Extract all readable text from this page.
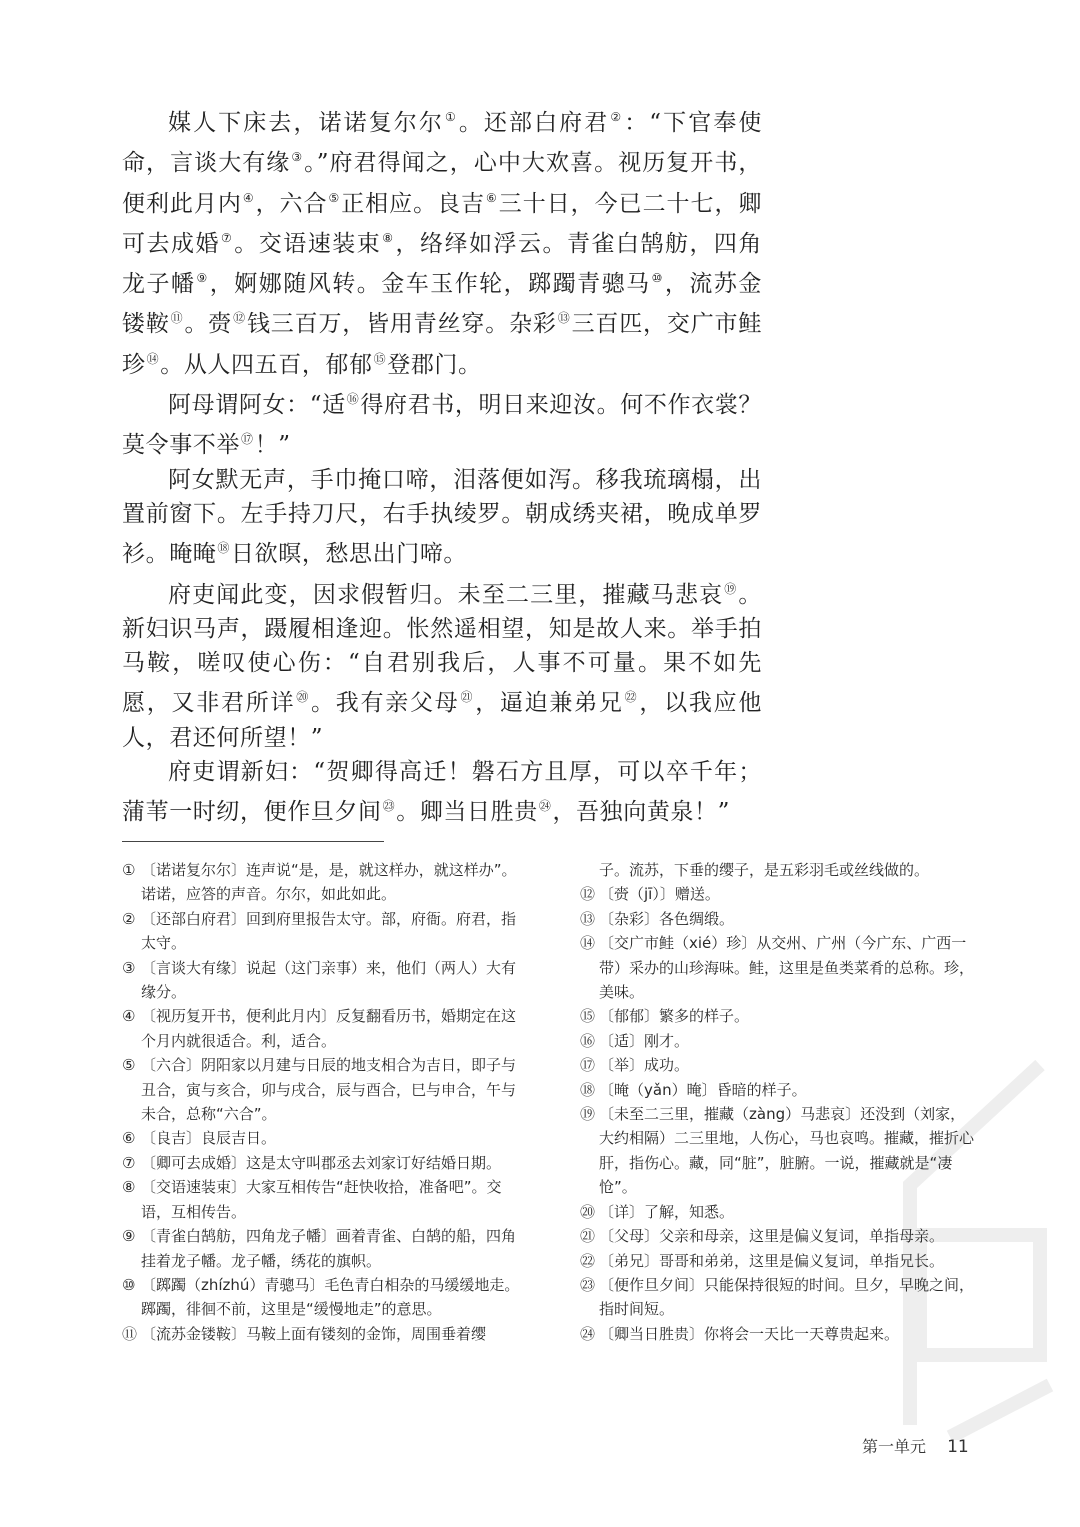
媒人下床去，诺诺复尔尔①。还部白府君②：“下官奉使命，言谈大有缘③。”府君得闻之，心中大欢喜。视历复开书，便利此月内④，六合⑤正相应。良吉⑥三十日，今已二十七，卿可去成婚⑦。交语速装束⑧，络绎如浮云。青雀白鹄舫，四角龙子幡⑨，婀娜随风转。金车玉作轮，踯躅青骢马⑩，流苏金镂鞍⑪。赍⑫钱三百万，皆用青丝穿。杂彩⑬三百匹，交广市鲑珍⑭。从人四五百，郁郁⑮登郡门。

阿母谓阿女：“适⑯得府君书，明日来迎汝。何不作衣裳？莫令事不举⑰！”

阿女默无声，手巾掩口啼，泪落便如泻。移我琉璃榻，出置前窗下。左手持刀尺，右手执绫罗。朝成绣夹裙，晚成单罗衫。晻晻⑱日欲暝，愁思出门啼。

府吏闻此变，因求假暂归。未至二三里，摧藏马悲哀⑲。新妇识马声，蹑履相逢迎。怅然遥相望，知是故人来。举手拍马鞍，嗟叹使心伤：“自君别我后，人事不可量。果不如先愿，又非君所详⑳。我有亲父母$^㉑$，逼迫兼弟兄$^㉒$，以我应他人，君还何所望！”

府吏谓新妇：“贺卿得高迁！磐石方且厚，可以卒千年；蒲苇一时纫，便作旦夕间$^㉓$。卿当日胜贵$^㉔$，吾独向黄泉！”

① 〔诺诺复尔尔〕连声说“是，是，就这样办，就这样办”。诺诺，应答的声音。尔尔，如此如此。
② 〔还部白府君〕回到府里报告太守。部，府衙。府君，指太守。
③ 〔言谈大有缘〕说起（这门亲事）来，他们（两人）大有缘分。
④ 〔视历复开书，便利此月内〕反复翻看历书，婚期定在这个月内就很适合。利，适合。
⑤ 〔六合〕阴阳家以月建与日辰的地支相合为吉日，即子与丑合，寅与亥合，卯与戌合，辰与酉合，巳与申合，午与未合，总称“六合”。
⑥ 〔良吉〕良辰吉日。
⑦ 〔卿可去成婚〕这是太守叫郡丞去刘家订好结婚日期。
⑧ 〔交语速装束〕大家互相传告“赶快收拾，准备吧”。交语，互相传告。
⑨ 〔青雀白鹄舫，四角龙子幡〕画着青雀、白鹄的船，四角挂着龙子幡。龙子幡，绣花的旗帜。
⑩ 〔踯躅（zhízhú）青骢马〕毛色青白相杂的马缓缓地走。踯躅，徘徊不前，这里是“缓慢地走”的意思。
⑪ 〔流苏金镂鞍〕马鞍上面有镂刻的金饰，周围垂着缨
子。流苏，下垂的缨子，是五彩羽毛或丝线做的。
⑫ 〔赍（jī）〕赠送。
⑬ 〔杂彩〕各色绸缎。
⑭ 〔交广市鲑（xié）珍〕从交州、广州（今广东、广西一带）采办的山珍海味。鲑，这里是鱼类菜肴的总称。珍，美味。
⑮ 〔郁郁〕繁多的样子。
⑯ 〔适〕刚才。
⑰ 〔举〕成功。
⑱ 〔晻（yǎn）晻〕昏暗的样子。
⑲ 〔未至二三里，摧藏（zàng）马悲哀〕还没到（刘家，大约相隔）二三里地，人伤心，马也哀鸣。摧藏，摧折心肝，指伤心。藏，同“脏”，脏腑。一说，摧藏就是“凄怆”。
⑳ 〔详〕了解，知悉。
㉑ 〔父母〕父亲和母亲，这里是偏义复词，单指母亲。
㉒ 〔弟兄〕哥哥和弟弟，这里是偏义复词，单指兄长。
㉓ 〔便作旦夕间〕只能保持很短的时间。旦夕，早晚之间，指时间短。
㉔ 〔卿当日胜贵〕你将会一天比一天尊贵起来。
第一单元 11
